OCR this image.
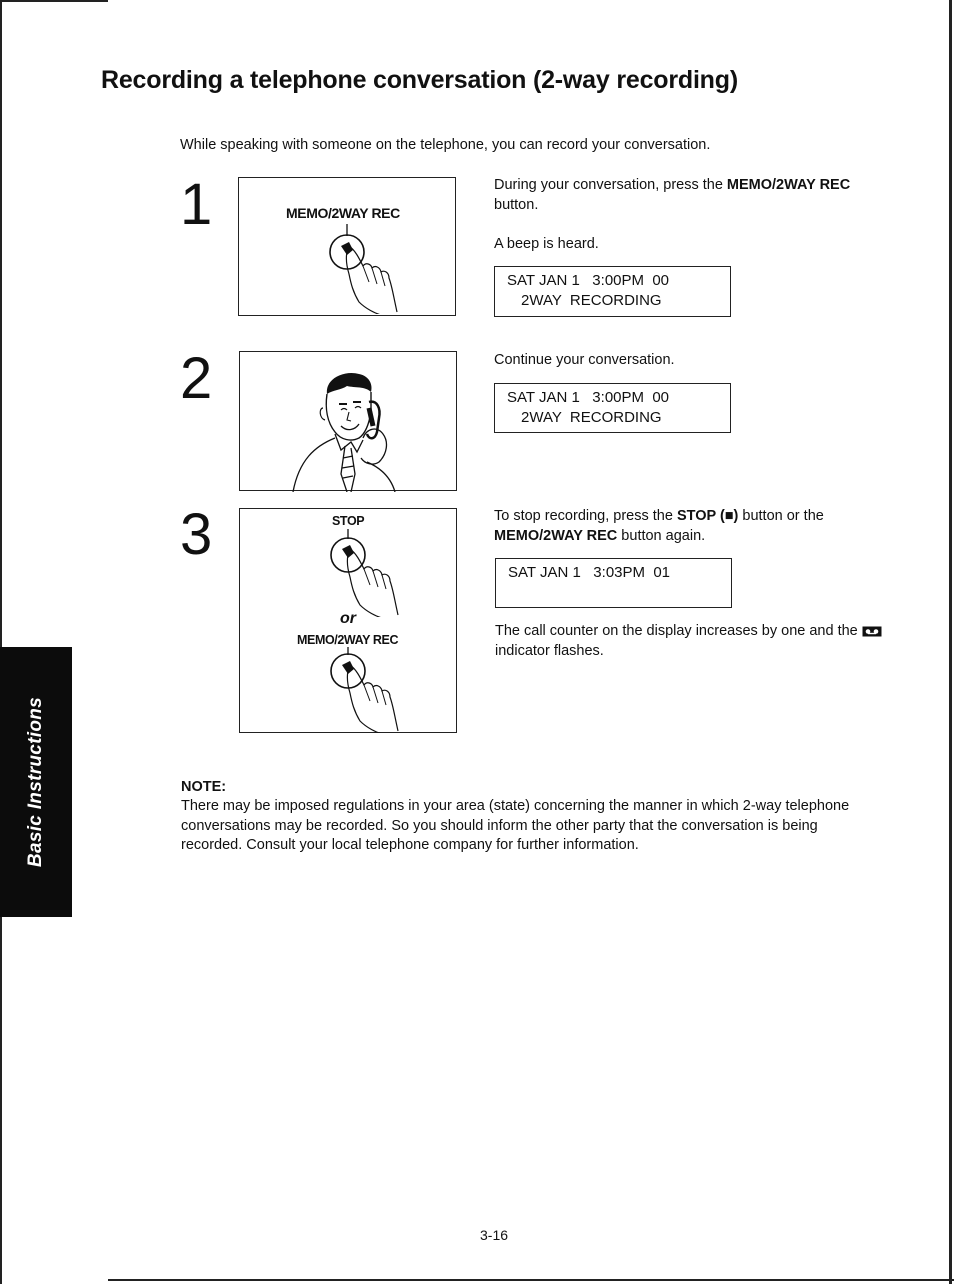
Recording a telephone conversation (2-way recording)
While speaking with someone on the telephone, you can record your conversation.
1	MEMO/2WAY REC
During your conversation, press the MEMO/2WAY REC button.
A beep is heard.
SAT JAN 1   3:00PM  00
2WAY  RECORDING
2	Continue your conversation.
SAT JAN 1   3:00PM  00
2WAY  RECORDING
3	STOP
or
MEMO/2WAY REC
To stop recording, press the STOP (■) button or the MEMO/2WAY REC button again.
SAT JAN 1   3:03PM  01
The call counter on the display increases by one and the  indicator flashes.
Basic Instructions	NOTE:
There may be imposed regulations in your area (state) concerning the manner in which 2-way telephone conversations may be recorded. So you should inform the other party that the conversation is being recorded. Consult your local telephone company for further information.
3-16
